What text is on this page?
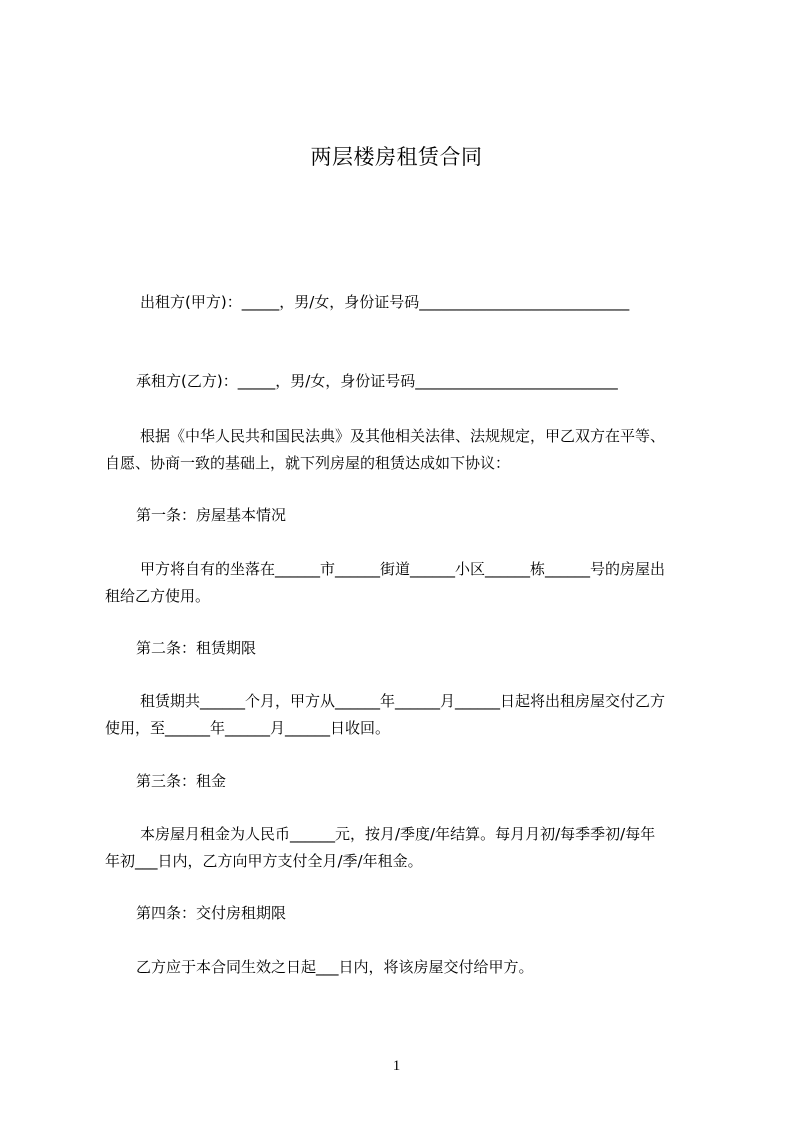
两层楼房租赁合同
出租方(甲方)：_____，男/女，身份证号码____________________________
承租方(乙方)：_____，男/女，身份证号码___________________________
根据《中华人民共和国民法典》及其他相关法律、法规规定，甲乙双方在平等、
自愿、协商一致的基础上，就下列房屋的租赁达成如下协议：
第一条：房屋基本情况
甲方将自有的坐落在______市______街道______小区______栋______号的房屋出
租给乙方使用。
第二条：租赁期限
租赁期共______个月，甲方从______年______月______日起将出租房屋交付乙方
使用，至______年______月______日收回。
第三条：租金
本房屋月租金为人民币______元，按月/季度/年结算。每月月初/每季季初/每年
年初___日内，乙方向甲方支付全月/季/年租金。
第四条：交付房租期限
乙方应于本合同生效之日起___日内，将该房屋交付给甲方。
1
